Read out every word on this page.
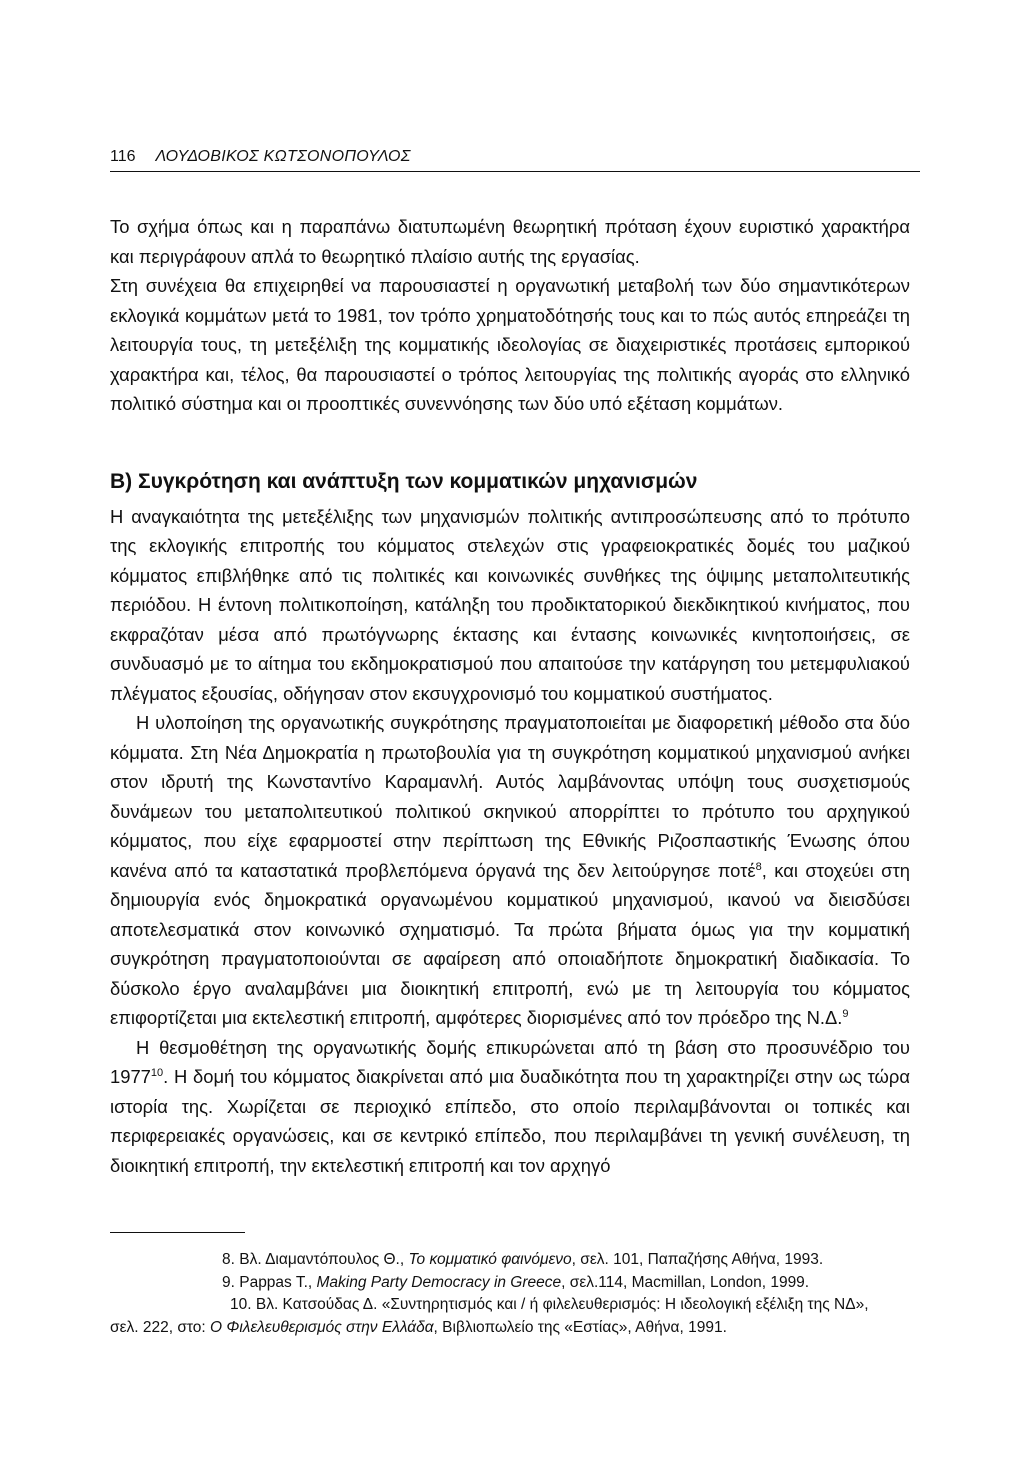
116 ΛΟΥΔΟΒΙΚΟΣ ΚΩΤΣΟΝΟΠΟΥΛΟΣ

Το σχήμα όπως και η παραπάνω διατυπωμένη θεωρητική πρόταση έχουν ευριστικό χαρακτήρα και περιγράφουν απλά το θεωρητικό πλαίσιο αυτής της εργασίας.

Στη συνέχεια θα επιχειρηθεί να παρουσιαστεί η οργανωτική μεταβολή των δύο σημαντικότερων εκλογικά κομμάτων μετά το 1981, τον τρόπο χρηματοδότησής τους και το πώς αυτός επηρεάζει τη λειτουργία τους, τη μετεξέλιξη της κομματικής ιδεολογίας σε διαχειριστικές προτάσεις εμπορικού χαρακτήρα και, τέλος, θα παρουσιαστεί ο τρόπος λειτουργίας της πολιτικής αγοράς στο ελληνικό πολιτικό σύστημα και οι προοπτικές συνεννόησης των δύο υπό εξέταση κομμάτων.

Β) Συγκρότηση και ανάπτυξη των κομματικών μηχανισμών

Η αναγκαιότητα της μετεξέλιξης των μηχανισμών πολιτικής αντιπροσώπευσης από το πρότυπο της εκλογικής επιτροπής του κόμματος στελεχών στις γραφειοκρατικές δομές του μαζικού κόμματος επιβλήθηκε από τις πολιτικές και κοινωνικές συνθήκες της όψιμης μεταπολιτευτικής περιόδου. Η έντονη πολιτικοποίηση, κατάληξη του προδικτατορικού διεκδικητικού κινήματος, που εκφραζόταν μέσα από πρωτόγνωρης έκτασης και έντασης κοινωνικές κινητοποιήσεις, σε συνδυασμό με το αίτημα του εκδημοκρατισμού που απαιτούσε την κατάργηση του μετεμφυλιακού πλέγματος εξουσίας, οδήγησαν στον εκσυγχρονισμό του κομματικού συστήματος.

Η υλοποίηση της οργανωτικής συγκρότησης πραγματοποιείται με διαφορετική μέθοδο στα δύο κόμματα. Στη Νέα Δημοκρατία η πρωτοβουλία για τη συγκρότηση κομματικού μηχανισμού ανήκει στον ιδρυτή της Κωνσταντίνο Καραμανλή. Αυτός λαμβάνοντας υπόψη τους συσχετισμούς δυνάμεων του μεταπολιτευτικού πολιτικού σκηνικού απορρίπτει το πρότυπο του αρχηγικού κόμματος, που είχε εφαρμοστεί στην περίπτωση της Εθνικής Ριζοσπαστικής Ένωσης όπου κανένα από τα καταστατικά προβλεπόμενα όργανά της δεν λειτούργησε ποτέ$^8$, και στοχεύει στη δημιουργία ενός δημοκρατικά οργανωμένου κομματικού μηχανισμού, ικανού να διεισδύσει αποτελεσματικά στον κοινωνικό σχηματισμό. Τα πρώτα βήματα όμως για την κομματική συγκρότηση πραγματοποιούνται σε αφαίρεση από οποιαδήποτε δημοκρατική διαδικασία. Το δύσκολο έργο αναλαμβάνει μια διοικητική επιτροπή, ενώ με τη λειτουργία του κόμματος επιφορτίζεται μια εκτελεστική επιτροπή, αμφότερες διορισμένες από τον πρόεδρο της Ν.Δ.$^9$

Η θεσμοθέτηση της οργανωτικής δομής επικυρώνεται από τη βάση στο προσυνέδριο του 1977$^{10}$. Η δομή του κόμματος διακρίνεται από μια δυαδικότητα που τη χαρακτηρίζει στην ως τώρα ιστορία της. Χωρίζεται σε περιοχικό επίπεδο, στο οποίο περιλαμβάνονται οι τοπικές και περιφερειακές οργανώσεις, και σε κεντρικό επίπεδο, που περιλαμβάνει τη γενική συνέλευση, τη διοικητική επιτροπή, την εκτελεστική επιτροπή και τον αρχηγό

8. Βλ. Διαμαντόπουλος Θ., Το κομματικό φαινόμενο, σελ. 101, Παπαζήσης Αθήνα, 1993.

9. Pappas T., Making Party Democracy in Greece, σελ.114, Macmillan, London, 1999.

10. Βλ. Κατσούδας Δ. «Συντηρητισμός και / ή φιλελευθερισμός: Η ιδεολογική εξέλιξη της ΝΔ»,

σελ. 222, στο: Ο Φιλελευθερισμός στην Ελλάδα, Βιβλιοπωλείο της «Εστίας», Αθήνα, 1991.
